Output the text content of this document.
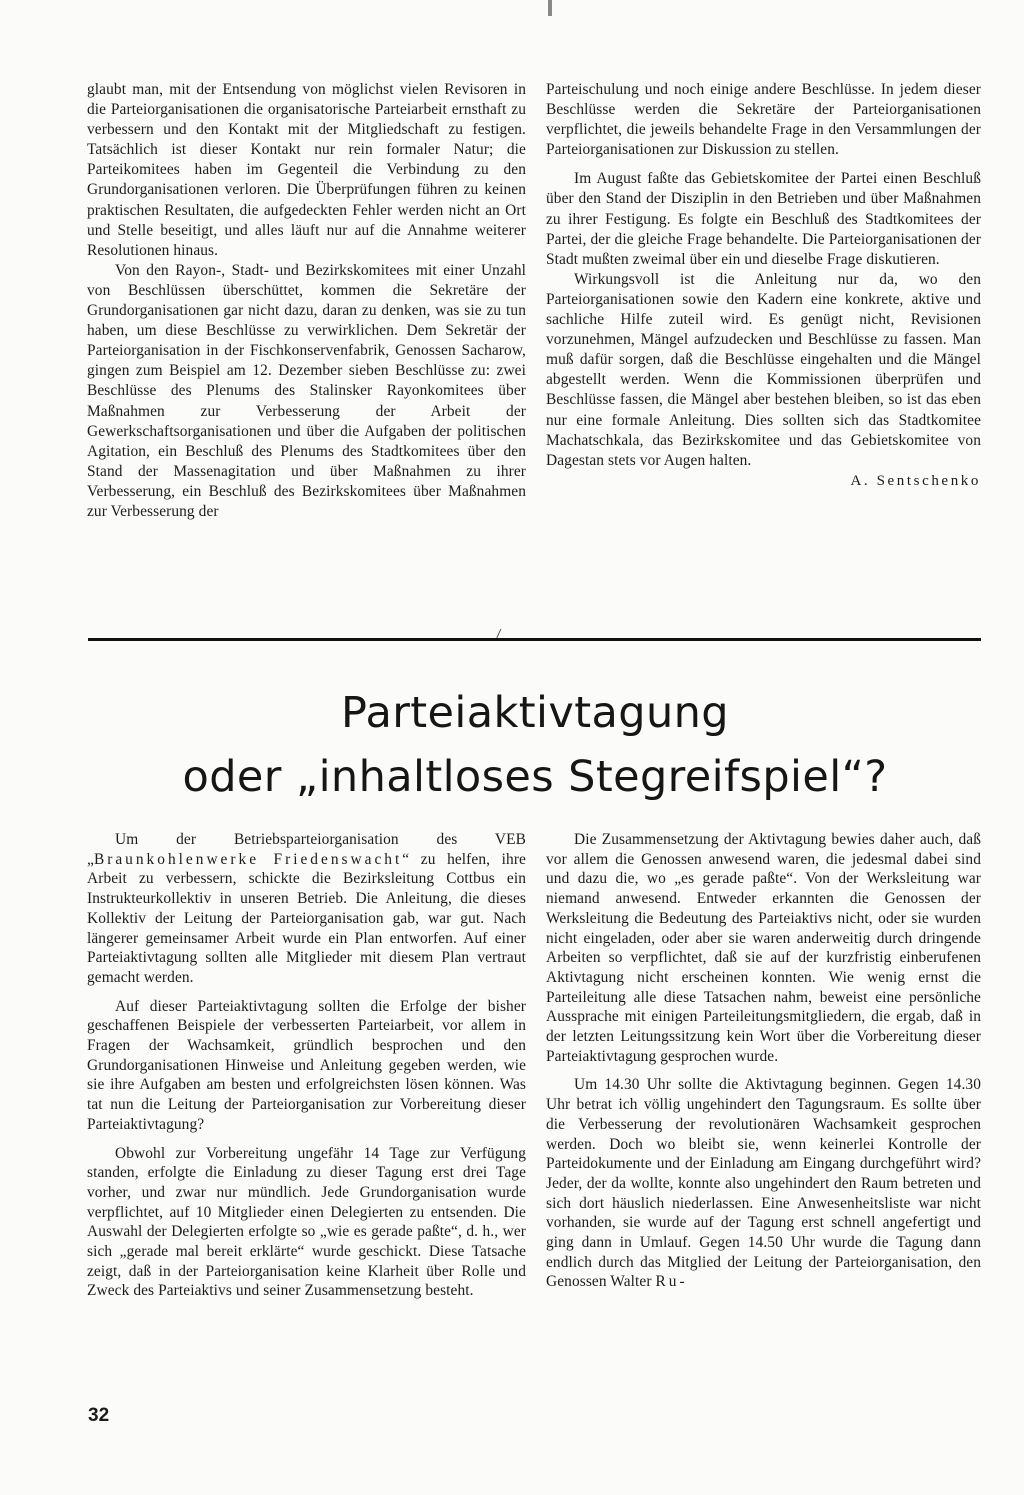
glaubt man, mit der Entsendung von möglichst vielen Revisoren in die Parteiorganisationen die organisatorische Parteiarbeit ernsthaft zu verbessern und den Kontakt mit der Mitgliedschaft zu festigen. Tatsächlich ist dieser Kontakt nur rein formaler Natur; die Parteikomitees haben im Gegenteil die Verbindung zu den Grundorganisationen verloren. Die Überprüfungen führen zu keinen praktischen Resultaten, die aufgedeckten Fehler werden nicht an Ort und Stelle beseitigt, und alles läuft nur auf die Annahme weiterer Resolutionen hinaus.

Von den Rayon-, Stadt- und Bezirkskomitees mit einer Unzahl von Beschlüssen überschüttet, kommen die Sekretäre der Grundorganisationen gar nicht dazu, daran zu denken, was sie zu tun haben, um diese Beschlüsse zu verwirklichen. Dem Sekretär der Parteiorganisation in der Fischkonservenfabrik, Genossen Sacharow, gingen zum Beispiel am 12. Dezember sieben Beschlüsse zu: zwei Beschlüsse des Plenums des Stalinsker Rayonkomitees über Maßnahmen zur Verbesserung der Arbeit der Gewerkschaftsorganisationen und über die Aufgaben der politischen Agitation, ein Beschluß des Plenums des Stadtkomitees über den Stand der Massenagitation und über Maßnahmen zu ihrer Verbesserung, ein Beschluß des Bezirkskomitees über Maßnahmen zur Verbesserung der

Parteischulung und noch einige andere Beschlüsse. In jedem dieser Beschlüsse werden die Sekretäre der Parteiorganisationen verpflichtet, die jeweils behandelte Frage in den Versammlungen der Parteiorganisationen zur Diskussion zu stellen.

Im August faßte das Gebietskomitee der Partei einen Beschluß über den Stand der Disziplin in den Betrieben und über Maßnahmen zu ihrer Festigung. Es folgte ein Beschluß des Stadtkomitees der Partei, der die gleiche Frage behandelte. Die Parteiorganisationen der Stadt mußten zweimal über ein und dieselbe Frage diskutieren.

Wirkungsvoll ist die Anleitung nur da, wo den Parteiorganisationen sowie den Kadern eine konkrete, aktive und sachliche Hilfe zuteil wird. Es genügt nicht, Revisionen vorzunehmen, Mängel aufzudecken und Beschlüsse zu fassen. Man muß dafür sorgen, daß die Beschlüsse eingehalten und die Mängel abgestellt werden. Wenn die Kommissionen überprüfen und Beschlüsse fassen, die Mängel aber bestehen bleiben, so ist das eben nur eine formale Anleitung. Dies sollten sich das Stadtkomitee Machatschkala, das Bezirkskomitee und das Gebietskomitee von Dagestan stets vor Augen halten.

A. Sentschenko
/
Parteiaktivtagung
oder „inhaltloses Stegreifspiel“?

Um der Betriebsparteiorganisation des VEB „Braunkohlenwerke Friedenswacht“ zu helfen, ihre Arbeit zu verbessern, schickte die Bezirksleitung Cottbus ein Instrukteurkollektiv in unseren Betrieb. Die Anleitung, die dieses Kollektiv der Leitung der Parteiorganisation gab, war gut. Nach längerer gemeinsamer Arbeit wurde ein Plan entworfen. Auf einer Parteiaktivtagung sollten alle Mitglieder mit diesem Plan vertraut gemacht werden.

Auf dieser Parteiaktivtagung sollten die Erfolge der bisher geschaffenen Beispiele der verbesserten Parteiarbeit, vor allem in Fragen der Wachsamkeit, gründlich besprochen und den Grundorganisationen Hinweise und Anleitung gegeben werden, wie sie ihre Aufgaben am besten und erfolgreichsten lösen können. Was tat nun die Leitung der Parteiorganisation zur Vorbereitung dieser Parteiaktivtagung?

Obwohl zur Vorbereitung ungefähr 14 Tage zur Verfügung standen, erfolgte die Einladung zu dieser Tagung erst drei Tage vorher, und zwar nur mündlich. Jede Grundorganisation wurde verpflichtet, auf 10 Mitglieder einen Delegierten zu entsenden. Die Auswahl der Delegierten erfolgte so „wie es gerade paßte“, d. h., wer sich „gerade mal bereit erklärte“ wurde geschickt. Diese Tatsache zeigt, daß in der Parteiorganisation keine Klarheit über Rolle und Zweck des Parteiaktivs und seiner Zusammensetzung besteht.

Die Zusammensetzung der Aktivtagung bewies daher auch, daß vor allem die Genossen anwesend waren, die jedesmal dabei sind und dazu die, wo „es gerade paßte“. Von der Werksleitung war niemand anwesend. Entweder erkannten die Genossen der Werksleitung die Bedeutung des Parteiaktivs nicht, oder sie wurden nicht eingeladen, oder aber sie waren anderweitig durch dringende Arbeiten so verpflichtet, daß sie auf der kurzfristig einberufenen Aktivtagung nicht erscheinen konnten. Wie wenig ernst die Parteileitung alle diese Tatsachen nahm, beweist eine persönliche Aussprache mit einigen Parteileitungsmitgliedern, die ergab, daß in der letzten Leitungssitzung kein Wort über die Vorbereitung dieser Parteiaktivtagung gesprochen wurde.

Um 14.30 Uhr sollte die Aktivtagung beginnen. Gegen 14.30 Uhr betrat ich völlig ungehindert den Tagungsraum. Es sollte über die Verbesserung der revolutionären Wachsamkeit gesprochen werden. Doch wo bleibt sie, wenn keinerlei Kontrolle der Parteidokumente und der Einladung am Eingang durchgeführt wird? Jeder, der da wollte, konnte also ungehindert den Raum betreten und sich dort häuslich niederlassen. Eine Anwesenheitsliste war nicht vorhanden, sie wurde auf der Tagung erst schnell angefertigt und ging dann in Umlauf. Gegen 14.50 Uhr wurde die Tagung dann endlich durch das Mitglied der Leitung der Parteiorganisation, den Genossen Walter Ru-

32
